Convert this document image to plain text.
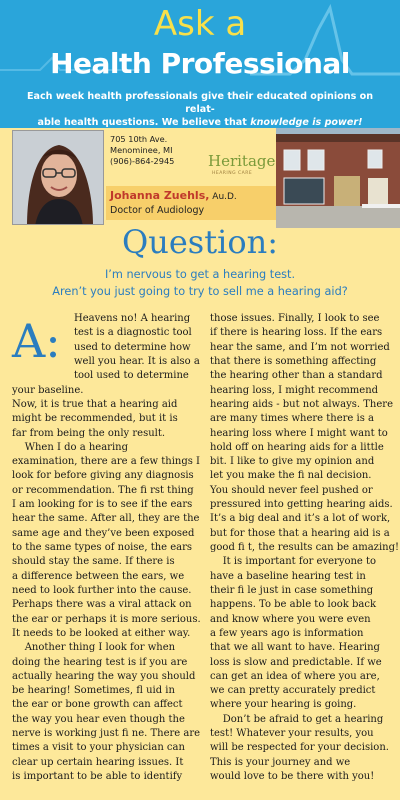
Ask a
Health Professional
Each week health professionals give their educated opinions on relat-
able health questions. We believe that knowledge is power!
705 10th Ave.
Menominee, MI
(906)-864-2945 Heritage
HEARING CARE
Johanna Zuehls, Au.D.
Doctor of Audiology
Question:
I’m nervous to get a hearing test.
Aren’t you just going to try to sell me a hearing aid?
A:	Heavens no! A hearing
test is a diagnostic tool
used to determine how
well you hear. It is also a
tool used to determine
your baseline.
Now, it is true that a hearing aid
might be recommended, but it is
far from being the only result.
When I do a hearing
examination, there are a few things I
look for before giving any diagnosis
or recommendation. The fi rst thing
I am looking for is to see if the ears
hear the same. After all, they are the
same age and they’ve been exposed
to the same types of noise, the ears
should stay the same. If there is
a difference between the ears, we
need to look further into the cause.
Perhaps there was a viral attack on
the ear or perhaps it is more serious.
It needs to be looked at either way.
Another thing I look for when
doing the hearing test is if you are
actually hearing the way you should
be hearing! Sometimes, fl uid in
the ear or bone growth can affect
the way you hear even though the
nerve is working just fi ne. There are
times a visit to your physician can
clear up certain hearing issues. It
is important to be able to identify
those issues. Finally, I look to see
if there is hearing loss. If the ears
hear the same, and I’m not worried
that there is something affecting
the hearing other than a standard
hearing loss, I might recommend
hearing aids - but not always. There
are many times where there is a
hearing loss where I might want to
hold off on hearing aids for a little
bit. I like to give my opinion and
let you make the fi nal decision.
You should never feel pushed or
pressured into getting hearing aids.
It’s a big deal and it’s a lot of work,
but for those that a hearing aid is a
good fi t, the results can be amazing!
It is important for everyone to
have a baseline hearing test in
their fi le just in case something
happens. To be able to look back
and know where you were even
a few years ago is information
that we all want to have. Hearing
loss is slow and predictable. If we
can get an idea of where you are,
we can pretty accurately predict
where your hearing is going.
Don’t be afraid to get a hearing
test! Whatever your results, you
will be respected for your decision.
This is your journey and we
would love to be there with you!
